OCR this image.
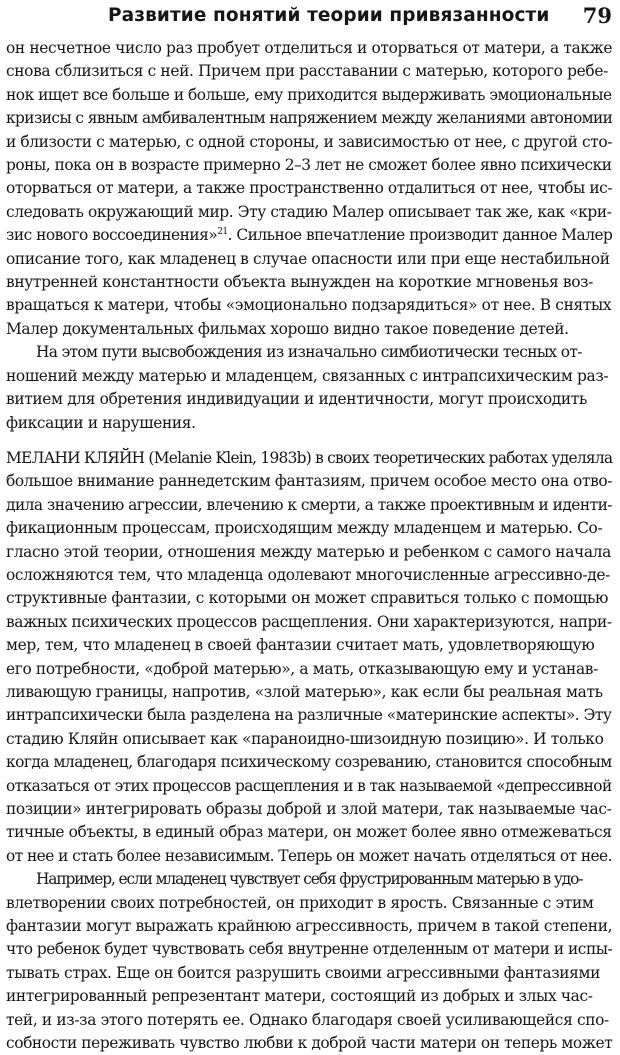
Развитие понятий теории привязанности 79
он несчетное число раз пробует отделиться и оторваться от матери, а также
снова сблизиться с ней. Причем при расставании с матерью, которого ребе-
нок ищет все больше и больше, ему приходится выдерживать эмоциональные
кризисы с явным амбивалентным напряжением между желаниями автономии
и близости с матерью, с одной стороны, и зависимостью от нее, с другой сто-
роны, пока он в возрасте примерно 2–3 лет не сможет более явно психически
оторваться от матери, а также пространственно отдалиться от нее, чтобы ис-
следовать окружающий мир. Эту стадию Малер описывает так же, как «кри-
зис нового воссоединения»$^{21}$. Сильное впечатление производит данное Малер
описание того, как младенец в случае опасности или при еще нестабильной
внутренней константности объекта вынужден на короткие мгновенья воз-
вращаться к матери, чтобы «эмоционально подзарядиться» от нее. В снятых
Малер документальных фильмах хорошо видно такое поведение детей.
На этом пути высвобождения из изначально симбиотически тесных от-
ношений между матерью и младенцем, связанных с интрапсихическим раз-
витием для обретения индивидуации и идентичности, могут происходить
фиксации и нарушения.
МЕЛАНИ КЛЯЙН (Melanie Klein, 1983b) в своих теоретических работах уделяла
большое внимание раннедетским фантазиям, причем особое место она отво-
дила значению агрессии, влечению к смерти, а также проективным и иденти-
фикационным процессам, происходящим между младенцем и матерью. Со-
гласно этой теории, отношения между матерью и ребенком с самого начала
осложняются тем, что младенца одолевают многочисленные агрессивно-де-
структивные фантазии, с которыми он может справиться только с помощью
важных психических процессов расщепления. Они характеризуются, напри-
мер, тем, что младенец в своей фантазии считает мать, удовлетворяющую
его потребности, «доброй матерью», а мать, отказывающую ему и устанав-
ливающую границы, напротив, «злой матерью», как если бы реальная мать
интрапсихически была разделена на различные «материнские аспекты». Эту
стадию Кляйн описывает как «параноидно-шизоидную позицию». И только
когда младенец, благодаря психическому созреванию, становится способным
отказаться от этих процессов расщепления и в так называемой «депрессивной
позиции» интегрировать образы доброй и злой матери, так называемые час-
тичные объекты, в единый образ матери, он может более явно отмежеваться
от нее и стать более независимым. Теперь он может начать отделяться от нее.
Например, если младенец чувствует себя фрустрированным матерью в удо-
влетворении своих потребностей, он приходит в ярость. Связанные с этим
фантазии могут выражать крайнюю агрессивность, причем в такой степени,
что ребенок будет чувствовать себя внутренне отделенным от матери и испы-
тывать страх. Еще он боится разрушить своими агрессивными фантазиями
интегрированный репрезентант матери, состоящий из добрых и злых час-
тей, и из-за этого потерять ее. Однако благодаря своей усиливающейся спо-
собности переживать чувство любви к доброй части матери он теперь может
